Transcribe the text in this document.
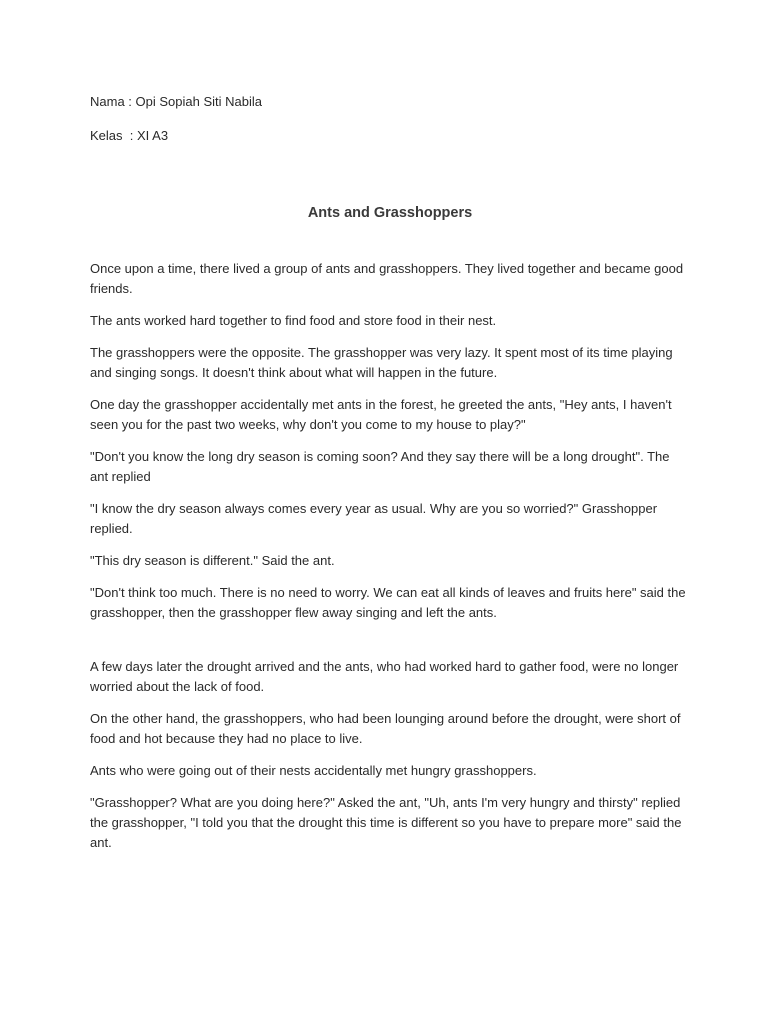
Nama : Opi Sopiah Siti Nabila

Kelas  : XI A3

Ants and Grasshoppers

Once upon a time, there lived a group of ants and grasshoppers. They lived together and became good friends.

The ants worked hard together to find food and store food in their nest.

The grasshoppers were the opposite. The grasshopper was very lazy. It spent most of its time playing and singing songs. It doesn't think about what will happen in the future.

One day the grasshopper accidentally met ants in the forest, he greeted the ants, "Hey ants, I haven't seen you for the past two weeks, why don't you come to my house to play?"

"Don't you know the long dry season is coming soon? And they say there will be a long drought". The ant replied

"I know the dry season always comes every year as usual. Why are you so worried?" Grasshopper replied.

"This dry season is different." Said the ant.

"Don't think too much. There is no need to worry. We can eat all kinds of leaves and fruits here" said the grasshopper, then the grasshopper flew away singing and left the ants.

A few days later the drought arrived and the ants, who had worked hard to gather food, were no longer worried about the lack of food.

On the other hand, the grasshoppers, who had been lounging around before the drought, were short of food and hot because they had no place to live.

Ants who were going out of their nests accidentally met hungry grasshoppers.

"Grasshopper? What are you doing here?" Asked the ant, "Uh, ants I'm very hungry and thirsty" replied the grasshopper, "I told you that the drought this time is different so you have to prepare more" said the ant.
